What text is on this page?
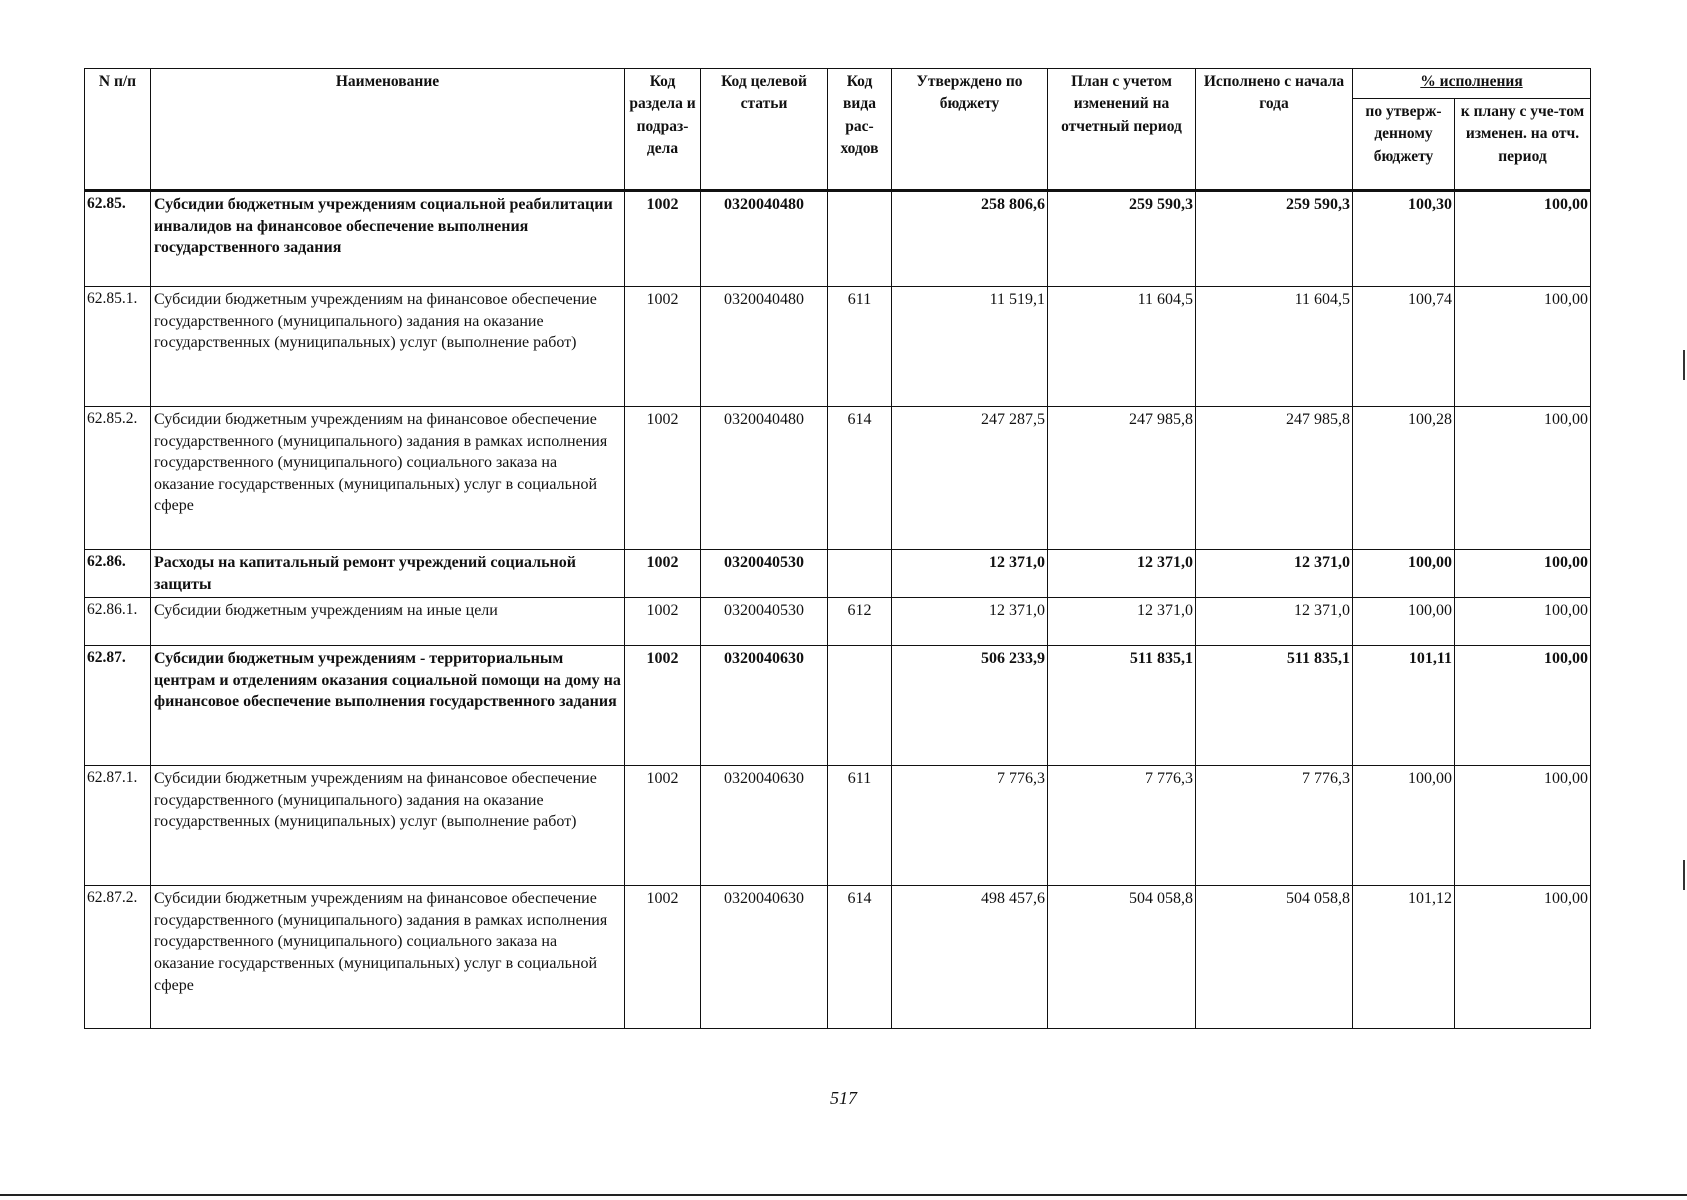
N п/п	Наименование	Код раздела и подраз-дела	Код целевой статьи	Код вида рас-ходов	Утверждено по бюджету	План с учетом изменений на отчетный период	Исполнено с начала года	% исполнения	
								по утверж-денному бюджету	к плану с уче-том изменен. на отч. период
62.85.	Субсидии бюджетным учреждениям социальной реабилитации инвалидов на финансовое обеспечение выполнения государственного задания	1002	0320040480		258 806,6	259 590,3	259 590,3	100,30	100,00
62.85.1.	Субсидии бюджетным учреждениям на финансовое обеспечение государственного (муниципального) задания на оказание государственных (муниципальных) услуг (выполнение работ)	1002	0320040480	611	11 519,1	11 604,5	11 604,5	100,74	100,00
62.85.2.	Субсидии бюджетным учреждениям на финансовое обеспечение государственного (муниципального) задания в рамках исполнения государственного (муниципального) социального заказа на оказание государственных (муниципальных) услуг в социальной сфере	1002	0320040480	614	247 287,5	247 985,8	247 985,8	100,28	100,00
62.86.	Расходы на капитальный ремонт учреждений социальной защиты	1002	0320040530		12 371,0	12 371,0	12 371,0	100,00	100,00
62.86.1.	Субсидии бюджетным учреждениям на иные цели	1002	0320040530	612	12 371,0	12 371,0	12 371,0	100,00	100,00
62.87.	Субсидии бюджетным учреждениям - территориальным центрам и отделениям оказания социальной помощи на дому на финансовое обеспечение выполнения государственного задания	1002	0320040630		506 233,9	511 835,1	511 835,1	101,11	100,00
62.87.1.	Субсидии бюджетным учреждениям на финансовое обеспечение государственного (муниципального) задания на оказание государственных (муниципальных) услуг (выполнение работ)	1002	0320040630	611	7 776,3	7 776,3	7 776,3	100,00	100,00
62.87.2.	Субсидии бюджетным учреждениям на финансовое обеспечение государственного (муниципального) задания в рамках исполнения государственного (муниципального) социального заказа на оказание государственных (муниципальных) услуг в социальной сфере	1002	0320040630	614	498 457,6	504 058,8	504 058,8	101,12	100,00
517
